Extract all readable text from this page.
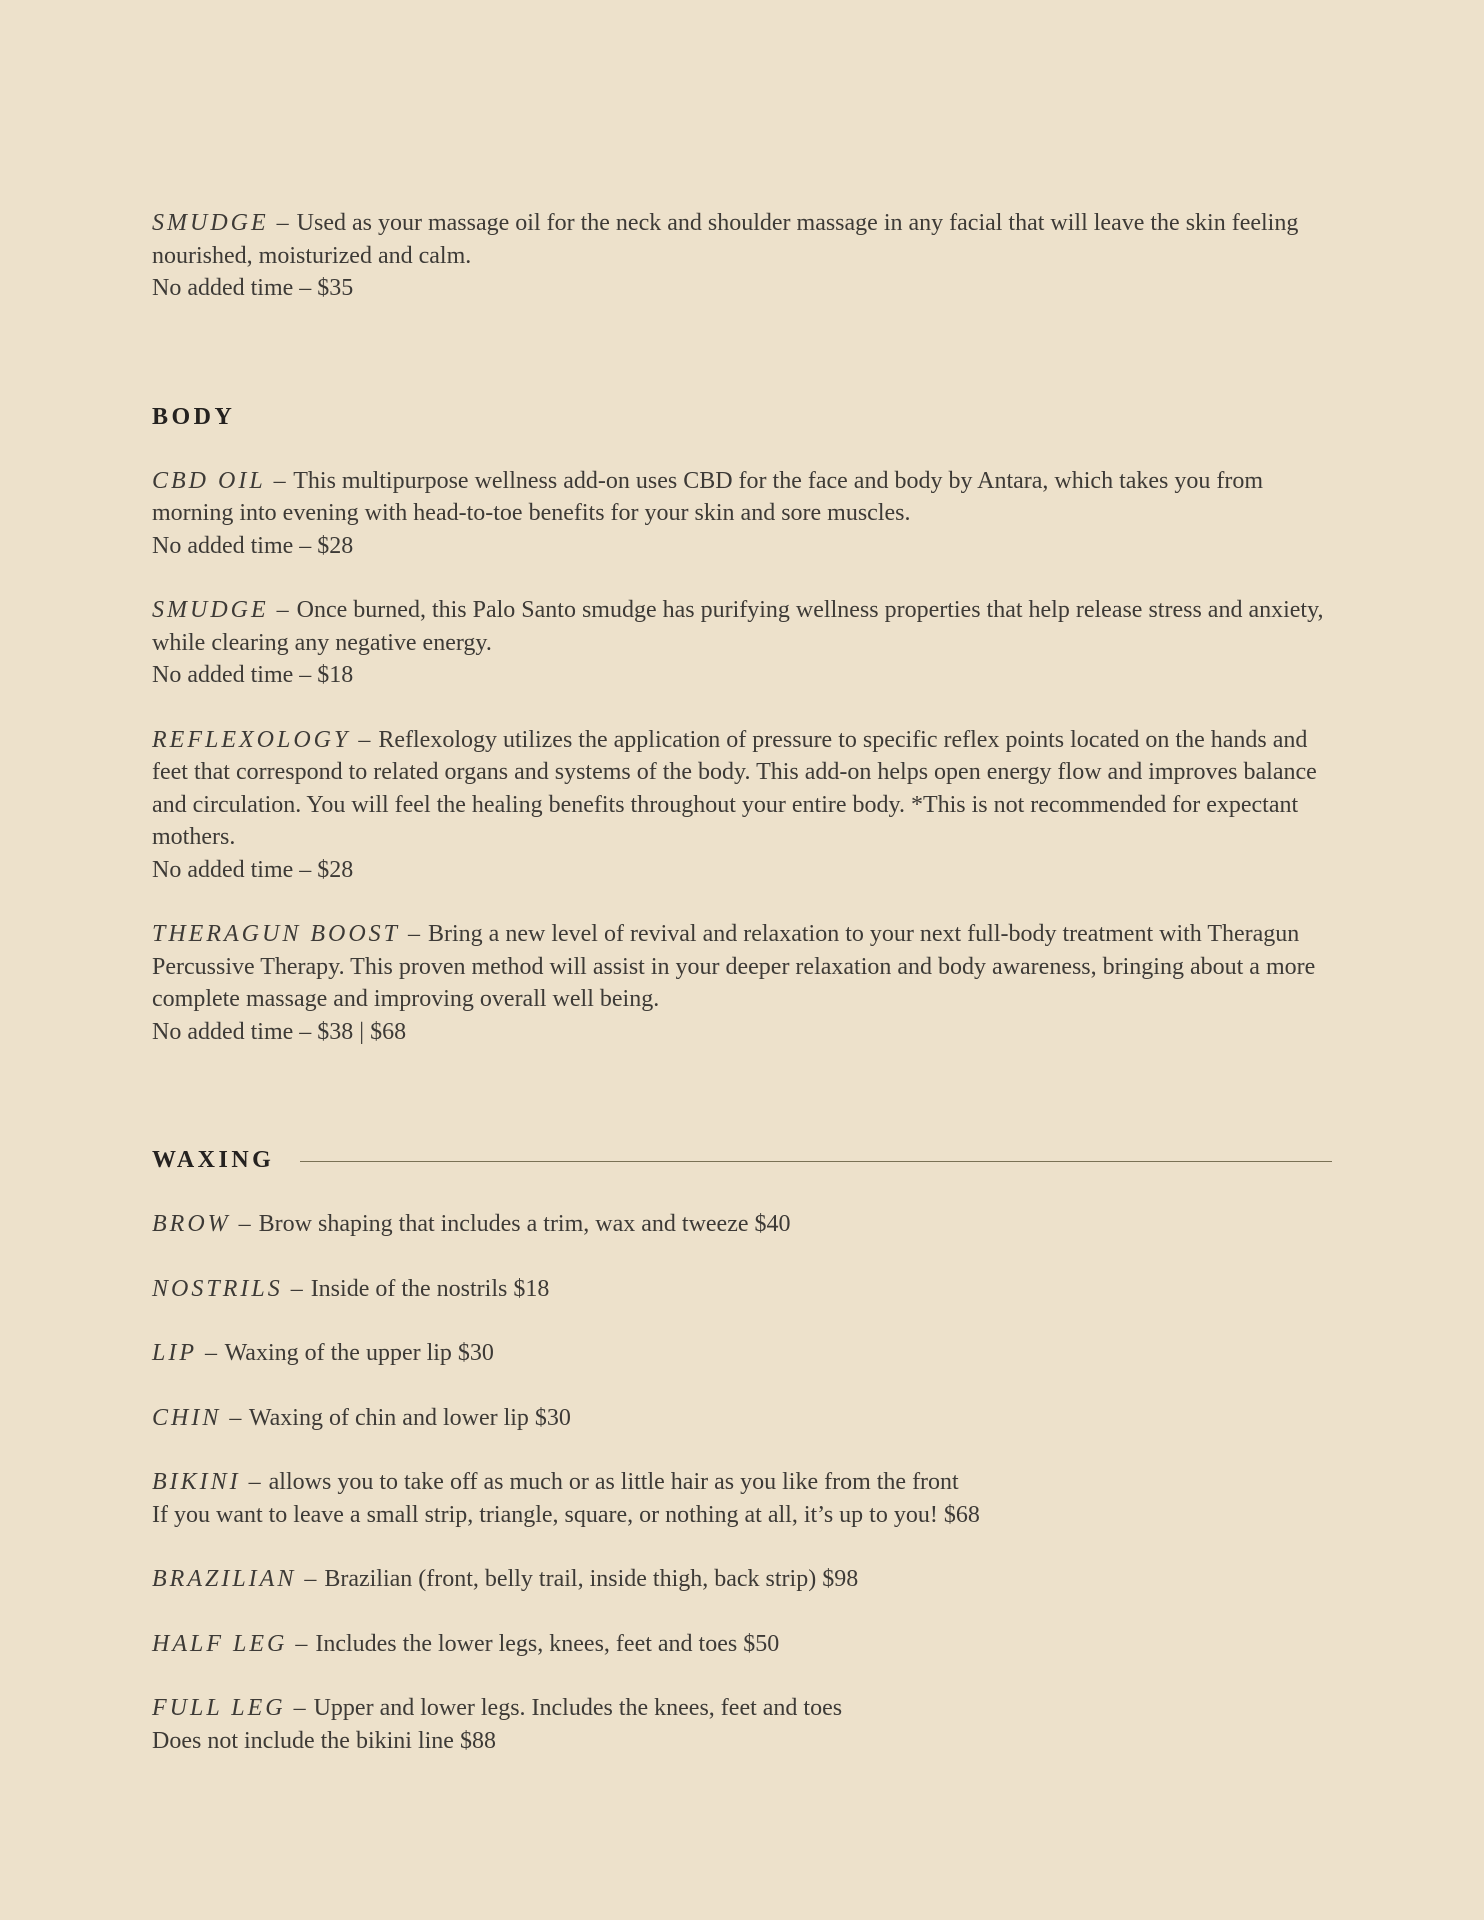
SMUDGE – Used as your massage oil for the neck and shoulder massage in any facial that will leave the skin feeling nourished, moisturized and calm.

No added time – $35

BODY

CBD OIL – This multipurpose wellness add-on uses CBD for the face and body by Antara, which takes you from morning into evening with head-to-toe benefits for your skin and sore muscles.

No added time – $28

SMUDGE – Once burned, this Palo Santo smudge has purifying wellness properties that help release stress and anxiety, while clearing any negative energy.

No added time – $18

REFLEXOLOGY – Reflexology utilizes the application of pressure to specific reflex points located on the hands and feet that correspond to related organs and systems of the body. This add-on helps open energy flow and improves balance and circulation. You will feel the healing benefits throughout your entire body. *This is not recommended for expectant mothers.

No added time – $28

THERAGUN BOOST – Bring a new level of revival and relaxation to your next full-body treatment with Theragun Percussive Therapy. This proven method will assist in your deeper relaxation and body awareness, bringing about a more complete massage and improving overall well being.

No added time – $38 | $68

WAXING

BROW – Brow shaping that includes a trim, wax and tweeze $40

NOSTRILS – Inside of the nostrils $18

LIP – Waxing of the upper lip $30

CHIN – Waxing of chin and lower lip $30

BIKINI – allows you to take off as much or as little hair as you like from the front

If you want to leave a small strip, triangle, square, or nothing at all, it’s up to you! $68

BRAZILIAN – Brazilian (front, belly trail, inside thigh, back strip) $98

HALF LEG – Includes the lower legs, knees, feet and toes $50

FULL LEG – Upper and lower legs. Includes the knees, feet and toes

Does not include the bikini line $88
